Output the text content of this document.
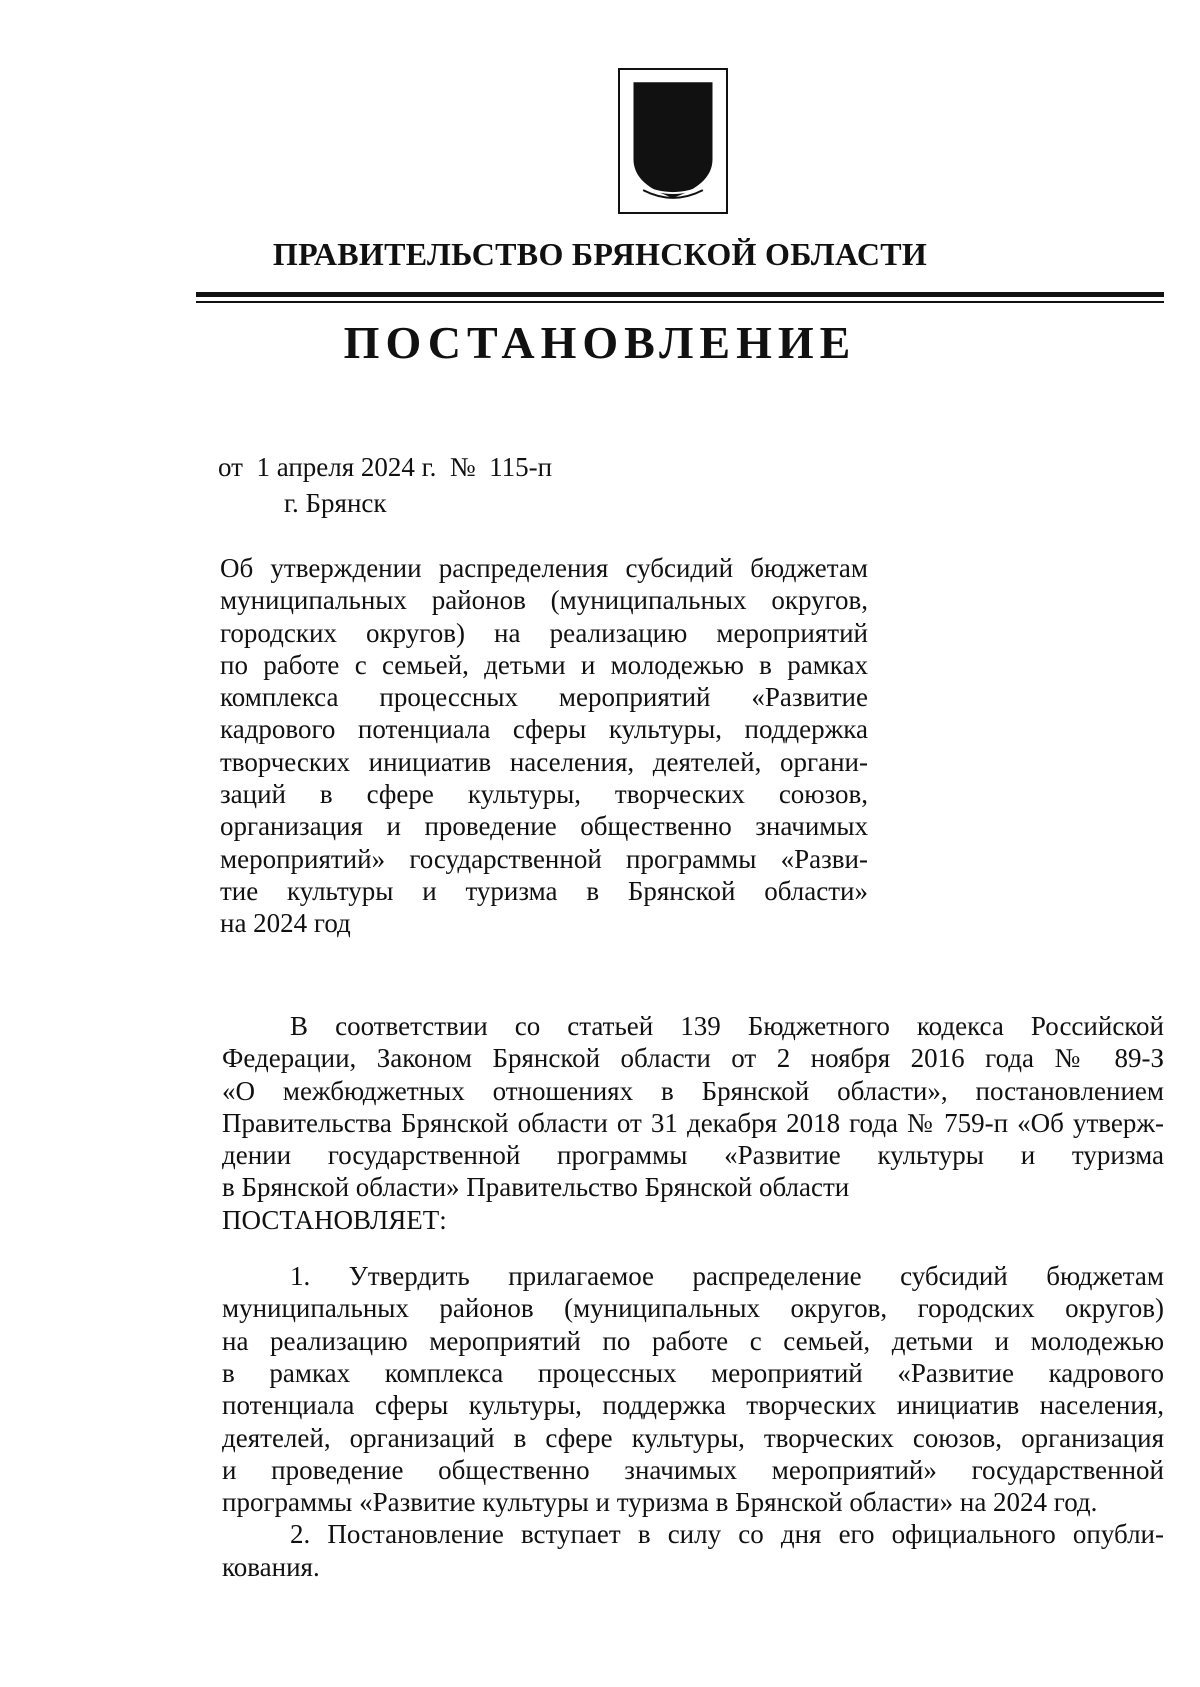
ПРАВИТЕЛЬСТВО БРЯНСКОЙ ОБЛАСТИ
ПОСТАНОВЛЕНИЕ
от  1 апреля 2024 г.  №  115-п
г. Брянск
Об утверждении распределения субсидий бюджетам
муниципальных районов (муниципальных округов,
городских округов) на реализацию мероприятий
по работе с семьей, детьми и молодежью в рамках
комплекса процессных мероприятий «Развитие
кадрового потенциала сферы культуры, поддержка
творческих инициатив населения, деятелей, органи-
заций в сфере культуры, творческих союзов,
организация и проведение общественно значимых
мероприятий» государственной программы «Разви-
тие культуры и туризма в Брянской области»
на 2024 год
В соответствии со статьей 139 Бюджетного кодекса Российской
Федерации, Законом Брянской области от 2 ноября 2016 года № 89-З
«О межбюджетных отношениях в Брянской области», постановлением
Правительства Брянской области от 31 декабря 2018 года № 759-п «Об утверж-
дении государственной программы «Развитие культуры и туризма
в Брянской области» Правительство Брянской области
ПОСТАНОВЛЯЕТ:
1. Утвердить прилагаемое распределение субсидий бюджетам
муниципальных районов (муниципальных округов, городских округов)
на реализацию мероприятий по работе с семьей, детьми и молодежью
в рамках комплекса процессных мероприятий «Развитие кадрового
потенциала сферы культуры, поддержка творческих инициатив населения,
деятелей, организаций в сфере культуры, творческих союзов, организация
и проведение общественно значимых мероприятий» государственной
программы «Развитие культуры и туризма в Брянской области» на 2024 год.
2. Постановление вступает в силу со дня его официального опубли-
кования.
